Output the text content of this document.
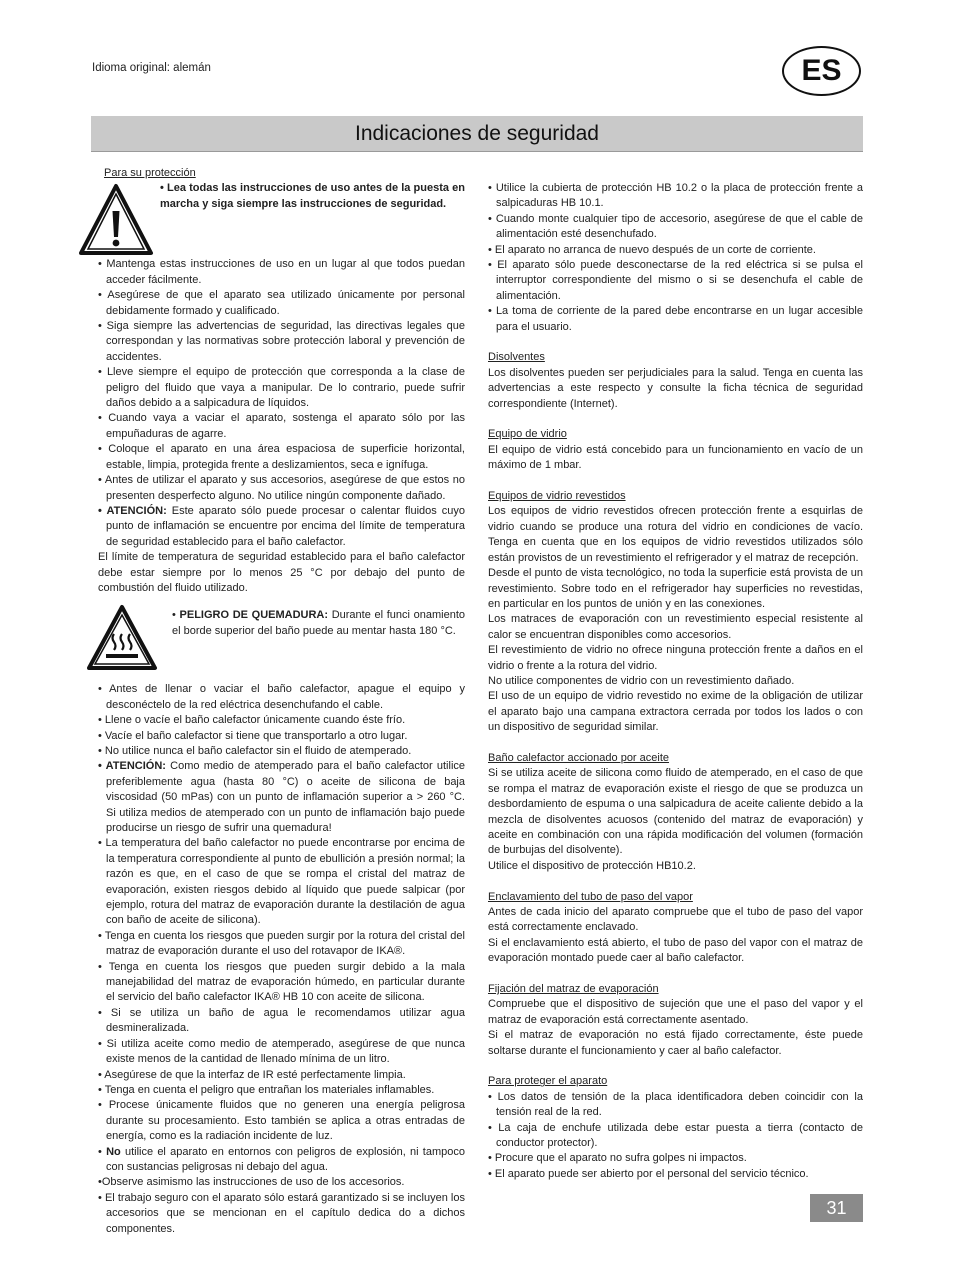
Idioma original: alemán	ES
Indicaciones de seguridad
Para su protección
• Lea todas las instrucciones de uso antes de la puesta en marcha y siga siempre las instrucciones de seguridad.
• Mantenga estas instrucciones de uso en un lugar al que todos puedan acceder fácilmente.
• Asegúrese de que el aparato sea utilizado únicamente por personal debidamente formado y cualificado.
• Siga siempre las advertencias de seguridad, las directivas legales que correspondan y las normativas sobre protección laboral y prevención de accidentes.
• Lleve siempre el equipo de protección que corresponda a la clase de peligro del fluido que vaya a manipular. De lo contrario, puede sufrir daños debido a a salpicadura de líquidos.
• Cuando vaya a vaciar el aparato, sostenga el aparato sólo por las empuñaduras de agarre.
• Coloque el aparato en una área espaciosa de superficie horizontal, estable, limpia, protegida frente a deslizamientos, seca e ignífuga.
• Antes de utilizar el aparato y sus accesorios, asegúrese de que estos no presenten desperfecto alguno. No utilice ningún componente dañado.
• ATENCIÓN: Este aparato sólo puede procesar o calentar fluidos cuyo punto de inflamación se encuentre por encima del límite de temperatura de seguridad establecido para el baño calefactor.
El límite de temperatura de seguridad establecido para el baño calefactor debe estar siempre por lo menos 25 °C por debajo del punto de combustión del fluido utilizado.
• PELIGRO DE QUEMADURA: Durante el funci onamiento el borde superior del baño puede au mentar hasta 180 °C.
• Antes de llenar o vaciar el baño calefactor, apague el equipo y desconéctelo de la red eléctrica desenchufando el cable.
• Llene o vacíe el baño calefactor únicamente cuando éste frío.
• Vacíe el baño calefactor si tiene que transportarlo a otro lugar.
• No utilice nunca el baño calefactor sin el fluido de atemperado.
• ATENCIÓN: Como medio de atemperado para el baño calefactor utilice preferiblemente agua (hasta 80 °C) o aceite de silicona de baja viscosidad (50 mPas) con un punto de inflamación superior a > 260 °C. Si utiliza medios de atemperado con un punto de inflamación bajo puede producirse un riesgo de sufrir una quemadura!
• La temperatura del baño calefactor no puede encontrarse por encima de la temperatura correspondiente al punto de ebullición a presión normal; la razón es que, en el caso de que se rompa el cristal del matraz de evaporación, existen riesgos debido al líquido que puede salpicar (por ejemplo, rotura del matraz de evaporación durante la destilación de agua con baño de aceite de silicona).
• Tenga en cuenta los riesgos que pueden surgir por la rotura del cristal del matraz de evaporación durante el uso del rotavapor de IKA®.
• Tenga en cuenta los riesgos que pueden surgir debido a la mala manejabilidad del matraz de evaporación húmedo, en particular durante el servicio del baño calefactor IKA® HB 10 con aceite de silicona.
• Si se utiliza un baño de agua le recomendamos utilizar agua desmineralizada.
• Si utiliza aceite como medio de atemperado, asegúrese de que nunca existe menos de la cantidad de llenado mínima de un litro.
• Asegúrese de que la interfaz de IR esté perfectamente limpia.
• Tenga en cuenta el peligro que entrañan los materiales inflamables.
• Procese únicamente fluidos que no generen una energía peligrosa durante su procesamiento. Esto también se aplica a otras entradas de energía, como es la radiación incidente de luz.
• No utilice el aparato en entornos con peligros de explosión, ni tampoco con sustancias peligrosas ni debajo del agua.
•Observe asimismo las instrucciones de uso de los accesorios.
• El trabajo seguro con el aparato sólo estará garantizado si se incluyen los accesorios que se mencionan en el capítulo dedica do a dichos componentes.
• Utilice la cubierta de protección HB 10.2 o la placa de protección frente a salpicaduras HB 10.1.
• Cuando monte cualquier tipo de accesorio, asegúrese de que el cable de alimentación esté desenchufado.
• El aparato no arranca de nuevo después de un corte de corriente.
• El aparato sólo puede desconectarse de la red eléctrica si se pulsa el interruptor correspondiente del mismo o si se desenchufa el cable de alimentación.
• La toma de corriente de la pared debe encontrarse en un lugar accesible para el usuario.
Disolventes
Los disolventes pueden ser perjudiciales para la salud. Tenga en cuenta las advertencias a este respecto y consulte la ficha técnica de seguridad correspondiente (Internet).
Equipo de vidrio
El equipo de vidrio está concebido para un funcionamiento en vacío de un máximo de 1 mbar.
Equipos de vidrio revestidos
Los equipos de vidrio revestidos ofrecen protección frente a esquirlas de vidrio cuando se produce una rotura del vidrio en condiciones de vacío. Tenga en cuenta que en los equipos de vidrio revestidos utilizados sólo están provistos de un revestimiento el refrigerador y el matraz de recepción.
Desde el punto de vista tecnológico, no toda la superficie está provista de un revestimiento. Sobre todo en el refrigerador hay superficies no revestidas, en particular en los puntos de unión y en las conexiones.
Los matraces de evaporación con un revestimiento especial resistente al calor se encuentran disponibles como accesorios.
El revestimiento de vidrio no ofrece ninguna protección frente a daños en el vidrio o frente a la rotura del vidrio.
No utilice componentes de vidrio con un revestimiento dañado.
El uso de un equipo de vidrio revestido no exime de la obligación de utilizar el aparato bajo una campana extractora cerrada por todos los lados o con un dispositivo de seguridad similar.
Baño calefactor accionado por aceite
Si se utiliza aceite de silicona como fluido de atemperado, en el caso de que se rompa el matraz de evaporación existe el riesgo de que se produzca un desbordamiento de espuma o una salpicadura de aceite caliente debido a la mezcla de disolventes acuosos (contenido del matraz de evaporación) y aceite en combinación con una rápida modificación del volumen (formación de burbujas del disolvente).
Utilice el dispositivo de protección HB10.2.
Enclavamiento del tubo de paso del vapor
Antes de cada inicio del aparato compruebe que el tubo de paso del vapor está correctamente enclavado.
Si el enclavamiento está abierto, el tubo de paso del vapor con el matraz de evaporación montado puede caer al baño calefactor.
Fijación del matraz de evaporación
Compruebe que el dispositivo de sujeción que une el paso del vapor y el matraz de evaporación está correctamente asentado.
Si el matraz de evaporación no está fijado correctamente, éste puede soltarse durante el funcionamiento y caer al baño calefactor.
Para proteger el aparato
• Los datos de tensión de la placa identificadora deben coincidir con la tensión real de la red.
• La caja de enchufe utilizada debe estar puesta a tierra (contacto de conductor protector).
• Procure que el aparato no sufra golpes ni impactos.
• El aparato puede ser abierto por el personal del servicio técnico.
31
